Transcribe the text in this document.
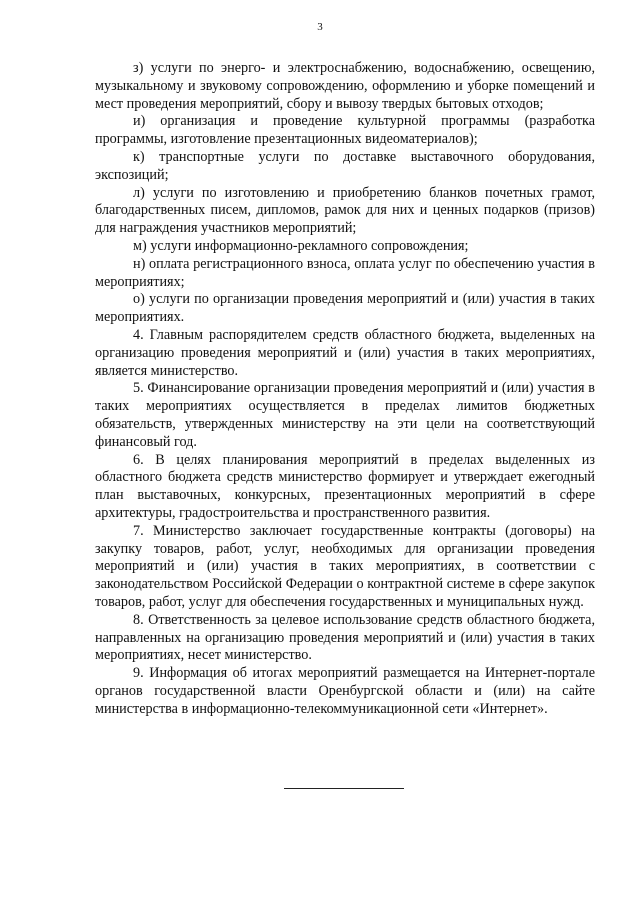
3

з) услуги по энерго- и электроснабжению, водоснабжению, освещению, музыкальному и звуковому сопровождению, оформлению и уборке помещений и мест проведения мероприятий, сбору и вывозу твердых бытовых отходов;

и) организация и проведение культурной программы (разработка программы, изготовление презентационных видеоматериалов);

к) транспортные услуги по доставке выставочного оборудования, экспозиций;

л) услуги по изготовлению и приобретению бланков почетных грамот, благодарственных писем, дипломов, рамок для них и ценных подарков (призов) для награждения участников мероприятий;

м) услуги информационно-рекламного сопровождения;

н) оплата регистрационного взноса, оплата услуг по обеспечению участия в мероприятиях;

о) услуги по организации проведения мероприятий и (или) участия в таких мероприятиях.

4. Главным распорядителем средств областного бюджета, выделенных на организацию проведения мероприятий и (или) участия в таких мероприятиях, является министерство.

5. Финансирование организации проведения мероприятий и (или) участия в таких мероприятиях осуществляется в пределах лимитов бюджетных обязательств, утвержденных министерству на эти цели на соответствующий финансовый год.

6. В целях планирования мероприятий в пределах выделенных из областного бюджета средств министерство формирует и утверждает ежегодный план выставочных, конкурсных, презентационных мероприятий в сфере архитектуры, градостроительства и пространственного развития.

7. Министерство заключает государственные контракты (договоры) на закупку товаров, работ, услуг, необходимых для организации проведения мероприятий и (или) участия в таких мероприятиях, в соответствии с законодательством Российской Федерации о контрактной системе в сфере закупок товаров, работ, услуг для обеспечения государственных и муниципальных нужд.

8. Ответственность за целевое использование средств областного бюджета, направленных на организацию проведения мероприятий и (или) участия в таких мероприятиях, несет министерство.

9. Информация об итогах мероприятий размещается на Интернет-портале органов государственной власти Оренбургской области и (или) на сайте министерства в информационно-телекоммуникационной сети «Интернет».
